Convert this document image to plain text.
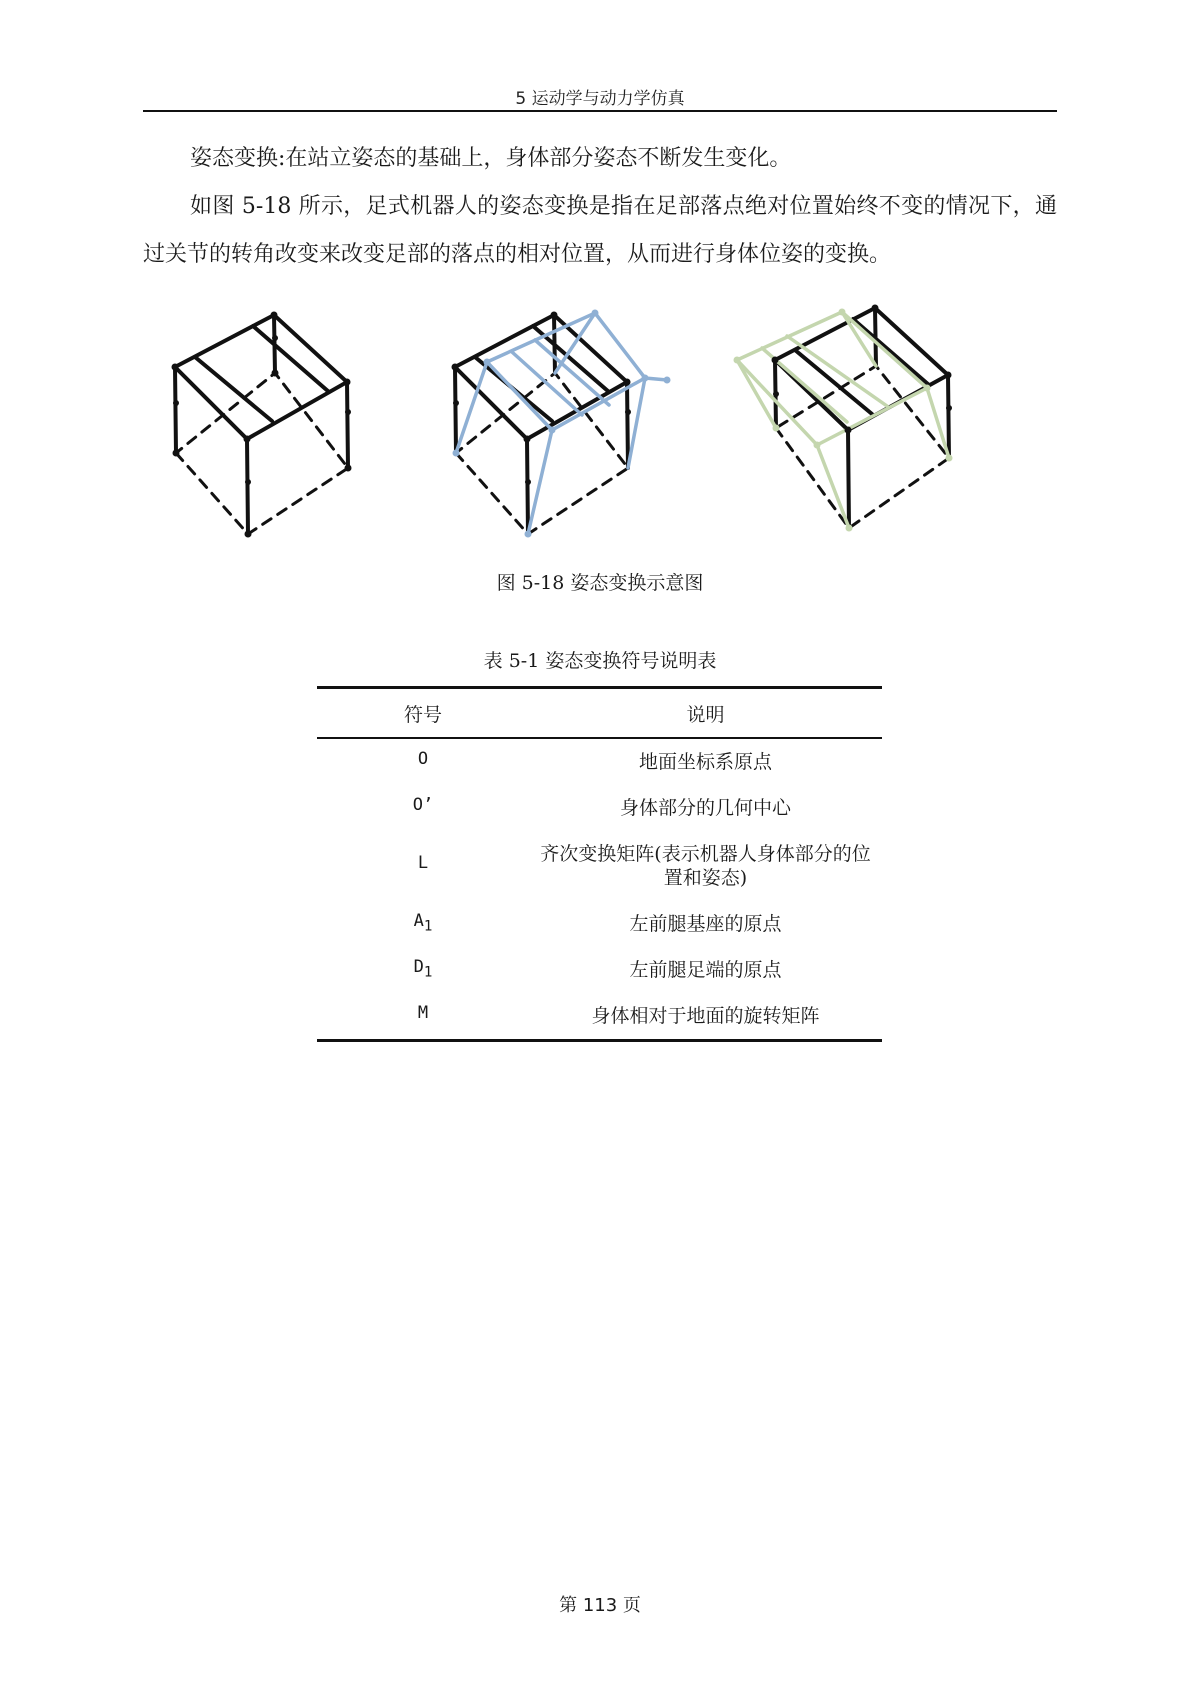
5 运动学与动力学仿真

姿态变换:在站立姿态的基础上，身体部分姿态不断发生变化。

如图 5-18 所示，足式机器人的姿态变换是指在足部落点绝对位置始终不变的情况下，通过关节的转角改变来改变足部的落点的相对位置，从而进行身体位姿的变换。

图 5-18 姿态变换示意图
表 5-1 姿态变换符号说明表
符号	说明
O	地面坐标系原点
O’	身体部分的几何中心
L	齐次变换矩阵(表示机器人身体部分的位置和姿态)
$A_1$	左前腿基座的原点
$D_1$	左前腿足端的原点
M	身体相对于地面的旋转矩阵
第 113 页
